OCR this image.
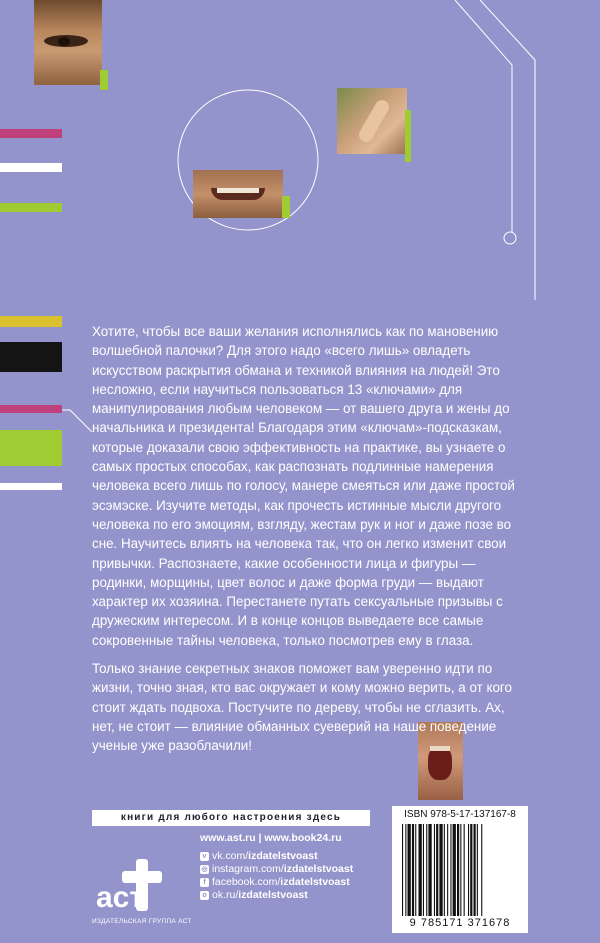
Хотите, чтобы все ваши желания исполнялись как по мановению волшебной палочки? Для этого надо «всего лишь» овладеть искусством раскрытия обмана и техникой влияния на людей! Это несложно, если научиться пользоваться 13 «ключами» для манипулирования любым человеком — от вашего друга и жены до начальника и президента! Благодаря этим «ключам»-подсказкам, которые доказали свою эффективность на практике, вы узнаете о самых простых способах, как распознать подлинные намерения человека всего лишь по голосу, манере смеяться или даже простой эсэмэске. Изучите методы, как прочесть истинные мысли другого человека по его эмоциям, взгляду, жестам рук и ног и даже позе во сне. Научитесь влиять на человека так, что он легко изменит свои привычки. Распознаете, какие особенности лица и фигуры — родинки, морщины, цвет волос и даже форма груди — выдают характер их хозяина. Перестанете путать сексуальные призывы с дружеским интересом. И в конце концов выведаете все самые сокровенные тайны человека, только посмотрев ему в глаза.

Только знание секретных знаков поможет вам уверенно идти по жизни, точно зная, кто вас окружает и кому можно верить, а от кого стоит ждать подвоха. Постучите по дереву, чтобы не сглазить. Ах, нет, не стоит — влияние обманных суеверий на наше поведение ученые уже разоблачили!

книги для любого настроения здесь
аст
ИЗДАТЕЛЬСКАЯ ГРУППА АСТ
www.ast.ru | www.book24.ru
v vk.com/ izdatelstvoast
◎ instagram.com/ izdatelstvoast
f facebook.com/ izdatelstvoast
о ok.ru/ izdatelstvoast
ISBN 978-5-17-137167-8
9 785171 371678
